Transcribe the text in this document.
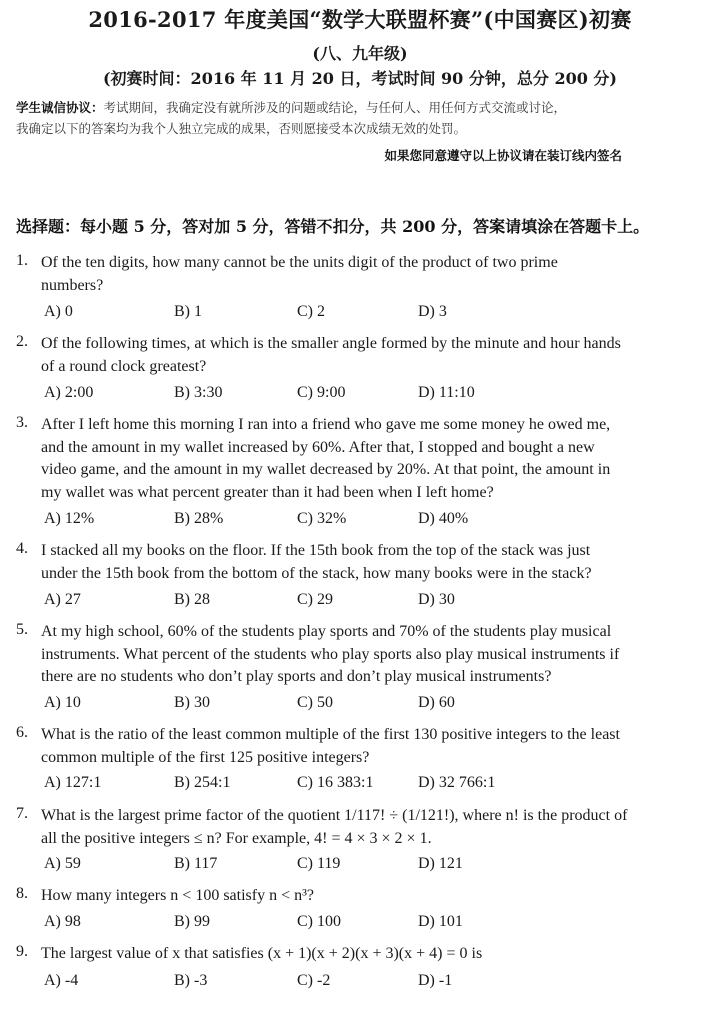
2016-2017 年度美国“数学大联盟杯赛”(中国赛区)初赛
(八、九年级)
(初赛时间：2016 年 11 月 20 日，考试时间 90 分钟，总分 200 分)
学生诚信协议：考试期间，我确定没有就所涉及的问题或结论，与任何人、用任何方式交流或讨论，
我确定以下的答案均为我个人独立完成的成果，否则愿接受本次成绩无效的处罚。
如果您同意遵守以上协议请在装订线内签名
选择题：每小题 5 分，答对加 5 分，答错不扣分，共 200 分，答案请填涂在答题卡上。
1. Of the ten digits, how many cannot be the units digit of the product of two prime
numbers?
A) 0	B) 1	C) 2	D) 3
2. Of the following times, at which is the smaller angle formed by the minute and hour hands
of a round clock greatest?
A) 2:00	B) 3:30	C) 9:00	D) 11:10
3. After I left home this morning I ran into a friend who gave me some money he owed me,
and the amount in my wallet increased by 60%. After that, I stopped and bought a new
video game, and the amount in my wallet decreased by 20%. At that point, the amount in
my wallet was what percent greater than it had been when I left home?
A) 12%	B) 28%	C) 32%	D) 40%
4. I stacked all my books on the floor. If the 15th book from the top of the stack was just
under the 15th book from the bottom of the stack, how many books were in the stack?
A) 27	B) 28	C) 29	D) 30
5. At my high school, 60% of the students play sports and 70% of the students play musical
instruments. What percent of the students who play sports also play musical instruments if
there are no students who don’t play sports and don’t play musical instruments?
A) 10	B) 30	C) 50	D) 60
6. What is the ratio of the least common multiple of the first 130 positive integers to the least
common multiple of the first 125 positive integers?
A) 127:1	B) 254:1	C) 16 383:1	D) 32 766:1
7. What is the largest prime factor of the quotient 1/117! ÷ (1/121!), where n! is the product of
all the positive integers ≤ n? For example, 4! = 4 × 3 × 2 × 1.
A) 59	B) 117	C) 119	D) 121
8. How many integers n < 100 satisfy n < n³?
A) 98	B) 99	C) 100	D) 101
9. The largest value of x that satisfies (x + 1)(x + 2)(x + 3)(x + 4) = 0 is
A) -4	B) -3	C) -2	D) -1
